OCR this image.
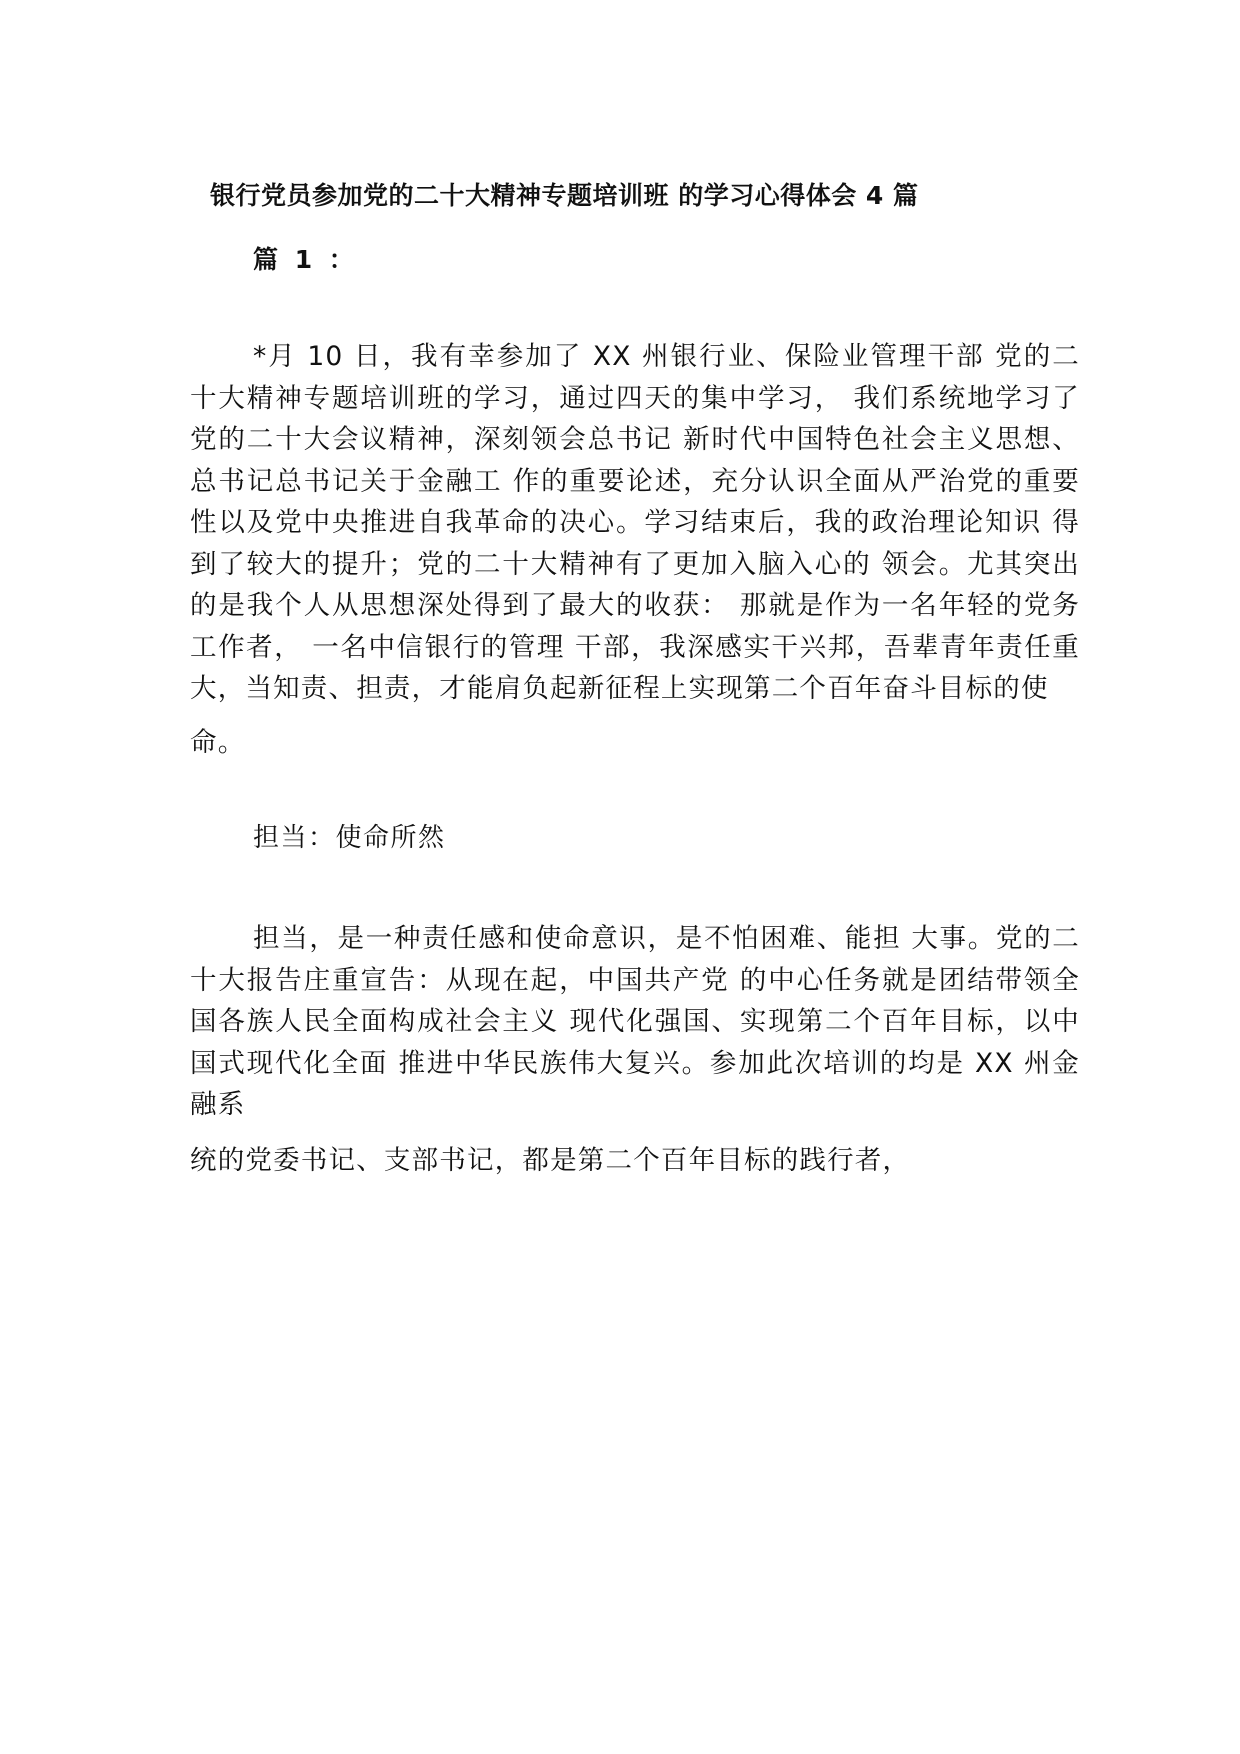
银行党员参加党的二十大精神专题培训班 的学习心得体会 4 篇
篇 1 ：

*月 10 日，我有幸参加了 XX 州银行业、保险业管理干部 党的二十大精神专题培训班的学习，通过四天的集中学习， 我们系统地学习了党的二十大会议精神，深刻领会总书记 新时代中国特色社会主义思想、总书记总书记关于金融工 作的重要论述，充分认识全面从严治党的重要性以及党中央推进自我革命的决心。学习结束后，我的政治理论知识 得到了较大的提升；党的二十大精神有了更加入脑入心的 领会。尤其突出的是我个人从思想深处得到了最大的收获： 那就是作为一名年轻的党务工作者， 一名中信银行的管理 干部，我深感实干兴邦，吾辈青年责任重大，当知责、担责，才能肩负起新征程上实现第二个百年奋斗目标的使

命。

担当：使命所然

担当，是一种责任感和使命意识，是不怕困难、能担 大事。党的二十大报告庄重宣告：从现在起，中国共产党 的中心任务就是团结带领全国各族人民全面构成社会主义 现代化强国、实现第二个百年目标，以中国式现代化全面 推进中华民族伟大复兴。参加此次培训的均是 XX 州金融系

统的党委书记、支部书记，都是第二个百年目标的践行者，
